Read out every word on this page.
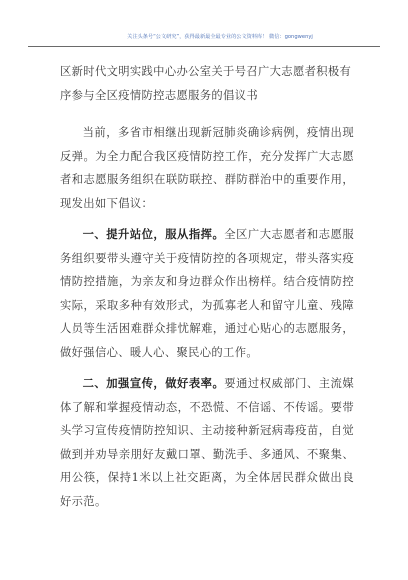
关注头条号“公文研究”，获得最新最全最专业的公文资料库！ 微信：gongwenyj
区新时代文明实践中心办公室关于号召广大志愿者积极有序参与全区疫情防控志愿服务的倡议书

当前，多省市相继出现新冠肺炎确诊病例，疫情出现反弹。为全力配合我区疫情防控工作，充分发挥广大志愿者和志愿服务组织在联防联控、群防群治中的重要作用，现发出如下倡议：

一、提升站位，服从指挥。全区广大志愿者和志愿服务组织要带头遵守关于疫情防控的各项规定，带头落实疫情防控措施，为亲友和身边群众作出榜样。结合疫情防控实际，采取多种有效形式，为孤寡老人和留守儿童、残障人员等生活困难群众排忧解难，通过心贴心的志愿服务，做好强信心、暖人心、聚民心的工作。

二、加强宣传，做好表率。要通过权威部门、主流媒体了解和掌握疫情动态，不恐慌、不信谣、不传谣。要带头学习宣传疫情防控知识、主动接种新冠病毒疫苗，自觉做到并劝导亲朋好友戴口罩、勤洗手、多通风、不聚集、用公筷，保持1米以上社交距离，为全体居民群众做出良好示范。
